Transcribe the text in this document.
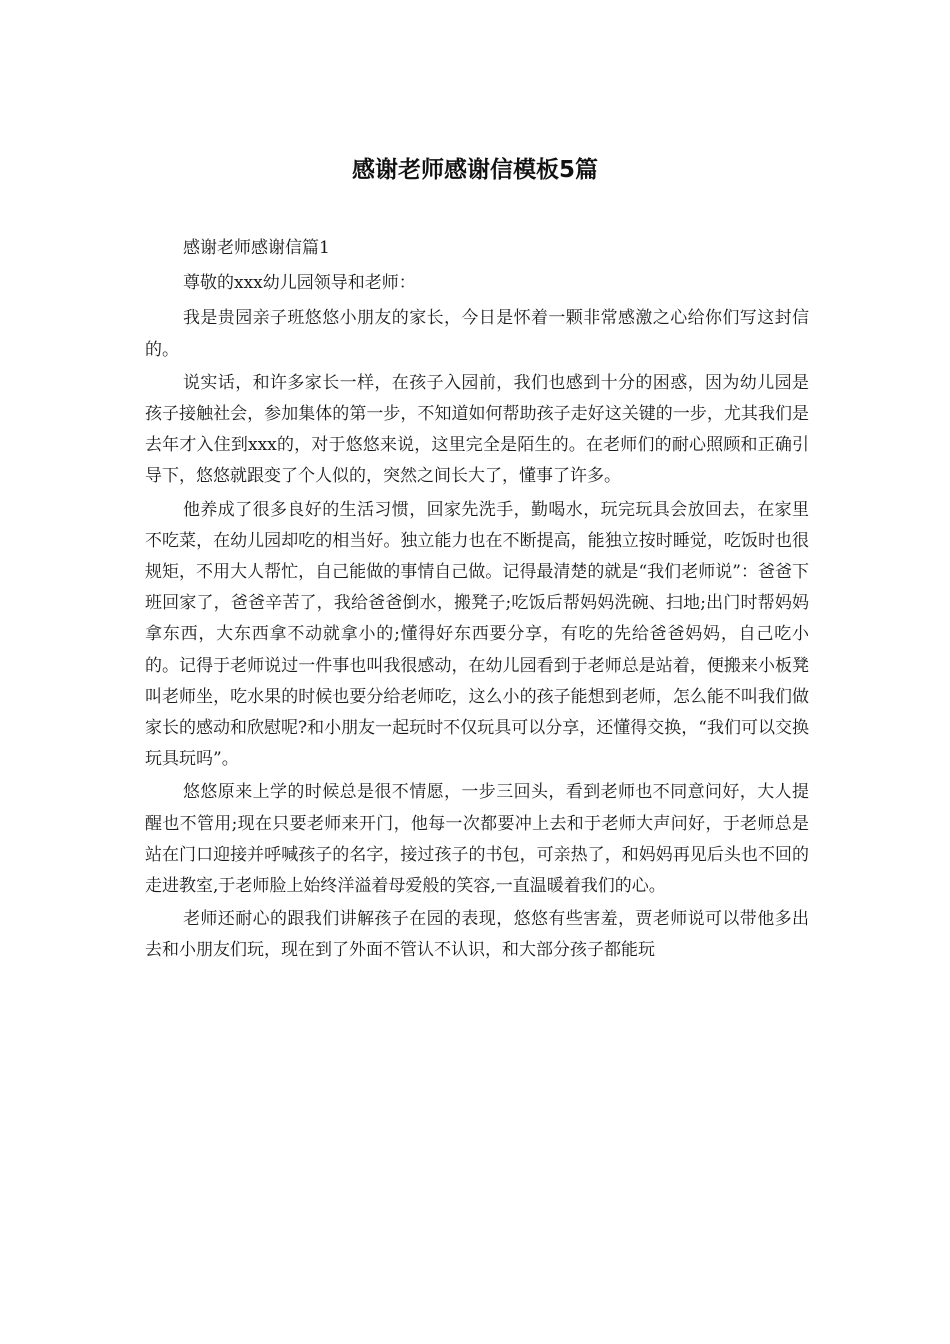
感谢老师感谢信模板5篇

感谢老师感谢信篇1

尊敬的xxx幼儿园领导和老师：

我是贵园亲子班悠悠小朋友的家长，今日是怀着一颗非常感激之心给你们写这封信的。

说实话，和许多家长一样，在孩子入园前，我们也感到十分的困惑，因为幼儿园是孩子接触社会，参加集体的第一步，不知道如何帮助孩子走好这关键的一步，尤其我们是去年才入住到xxx的，对于悠悠来说，这里完全是陌生的。在老师们的耐心照顾和正确引导下，悠悠就跟变了个人似的，突然之间长大了，懂事了许多。

他养成了很多良好的生活习惯，回家先洗手，勤喝水，玩完玩具会放回去，在家里不吃菜，在幼儿园却吃的相当好。独立能力也在不断提高，能独立按时睡觉，吃饭时也很规矩，不用大人帮忙，自己能做的事情自己做。记得最清楚的就是“我们老师说”：爸爸下班回家了，爸爸辛苦了，我给爸爸倒水，搬凳子;吃饭后帮妈妈洗碗、扫地;出门时帮妈妈拿东西，大东西拿不动就拿小的;懂得好东西要分享，有吃的先给爸爸妈妈，自己吃小的。记得于老师说过一件事也叫我很感动，在幼儿园看到于老师总是站着，便搬来小板凳叫老师坐，吃水果的时候也要分给老师吃，这么小的孩子能想到老师，怎么能不叫我们做家长的感动和欣慰呢?和小朋友一起玩时不仅玩具可以分享，还懂得交换，“我们可以交换玩具玩吗”。

悠悠原来上学的时候总是很不情愿，一步三回头，看到老师也不同意问好，大人提醒也不管用;现在只要老师来开门，他每一次都要冲上去和于老师大声问好，于老师总是站在门口迎接并呼喊孩子的名字，接过孩子的书包，可亲热了，和妈妈再见后头也不回的走进教室,于老师脸上始终洋溢着母爱般的笑容,一直温暖着我们的心。

老师还耐心的跟我们讲解孩子在园的表现，悠悠有些害羞，贾老师说可以带他多出去和小朋友们玩，现在到了外面不管认不认识，和大部分孩子都能玩
